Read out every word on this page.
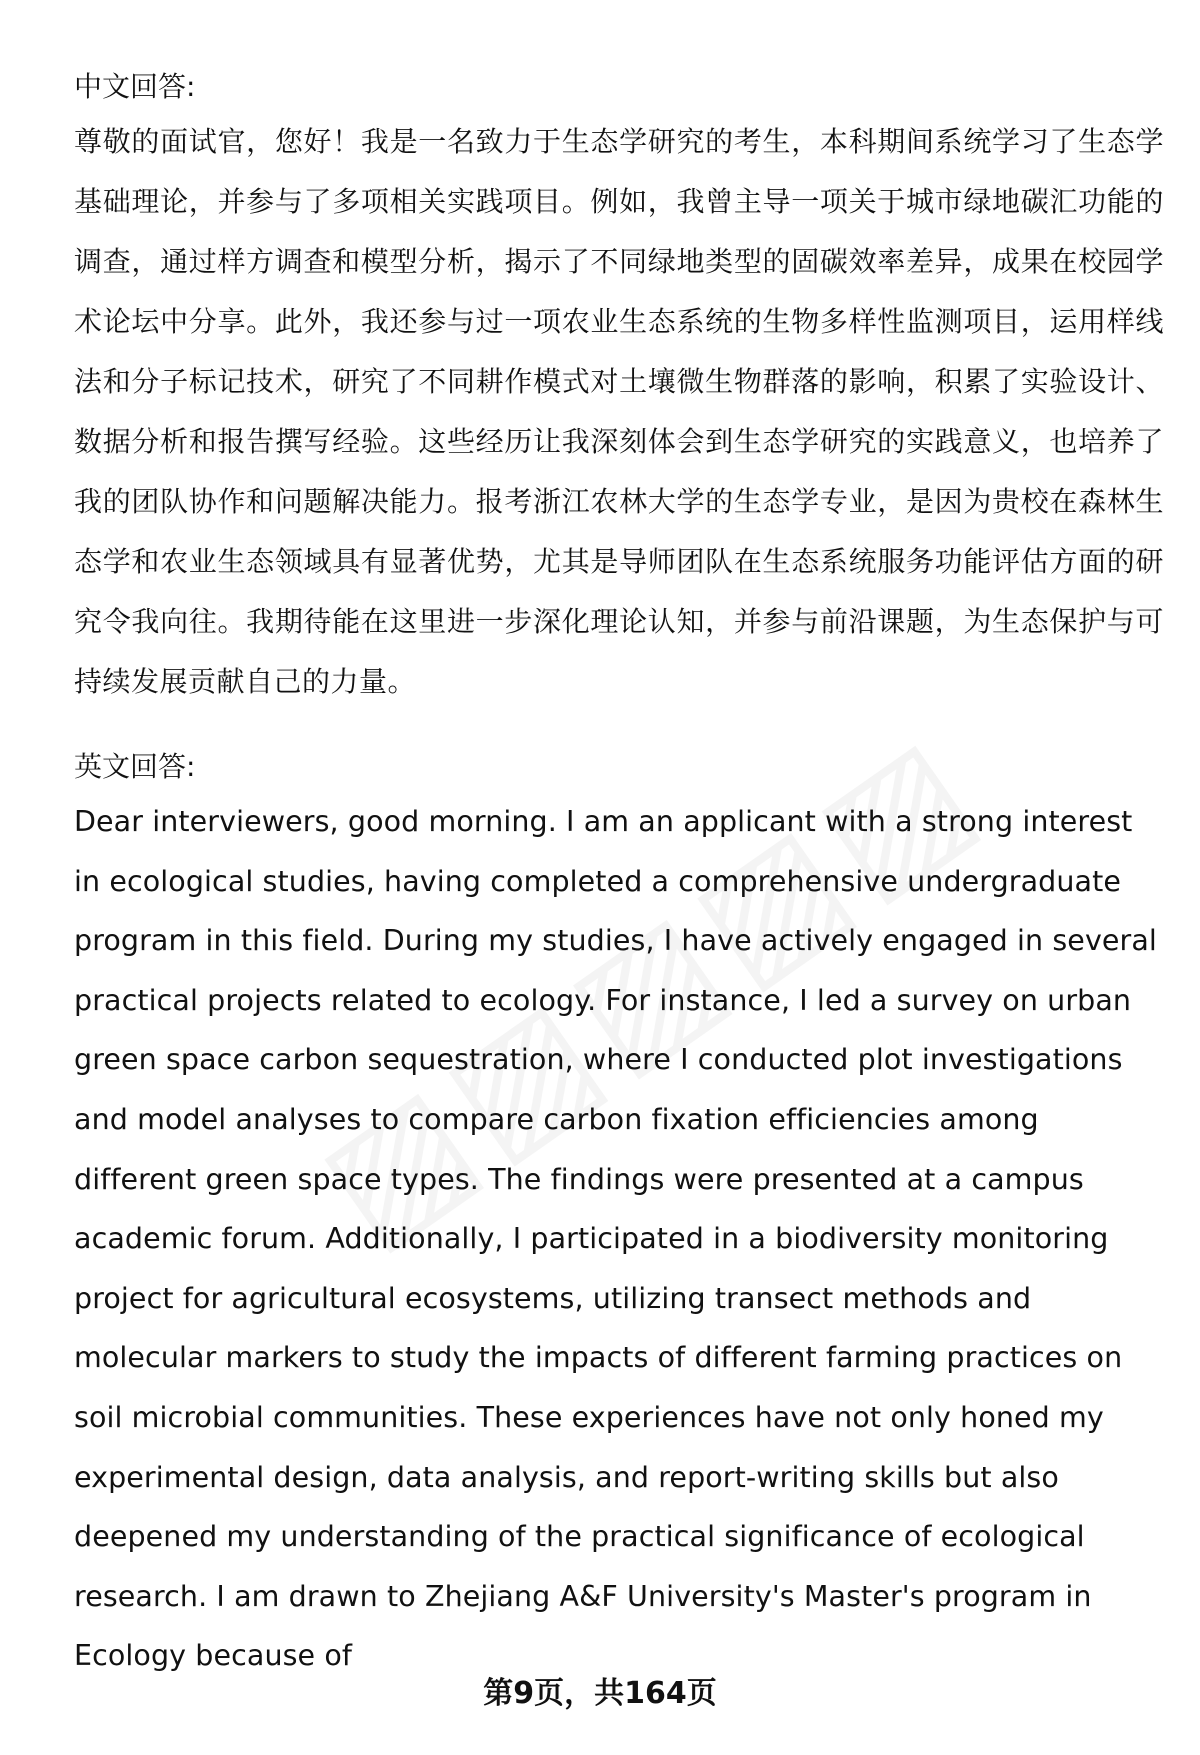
中文回答:

尊敬的面试官，您好！我是一名致力于生态学研究的考生，本科期间系统学习了生态学基础理论，并参与了多项相关实践项目。例如，我曾主导一项关于城市绿地碳汇功能的调查，通过样方调查和模型分析，揭示了不同绿地类型的固碳效率差异，成果在校园学术论坛中分享。此外，我还参与过一项农业生态系统的生物多样性监测项目，运用样线法和分子标记技术，研究了不同耕作模式对土壤微生物群落的影响，积累了实验设计、数据分析和报告撰写经验。这些经历让我深刻体会到生态学研究的实践意义，也培养了我的团队协作和问题解决能力。报考浙江农林大学的生态学专业，是因为贵校在森林生态学和农业生态领域具有显著优势，尤其是导师团队在生态系统服务功能评估方面的研究令我向往。我期待能在这里进一步深化理论认知，并参与前沿课题，为生态保护与可持续发展贡献自己的力量。

英文回答:

Dear interviewers, good morning. I am an applicant with a strong interest in ecological studies, having completed a comprehensive undergraduate program in this field. During my studies, I have actively engaged in several practical projects related to ecology. For instance, I led a survey on urban green space carbon sequestration, where I conducted plot investigations and model analyses to compare carbon fixation efficiencies among different green space types. The findings were presented at a campus academic forum. Additionally, I participated in a biodiversity monitoring project for agricultural ecosystems, utilizing transect methods and molecular markers to study the impacts of different farming practices on soil microbial communities. These experiences have not only honed my experimental design, data analysis, and report-writing skills but also deepened my understanding of the practical significance of ecological research. I am drawn to Zhejiang A&F University's Master's program in Ecology because of

第9页，共164页
